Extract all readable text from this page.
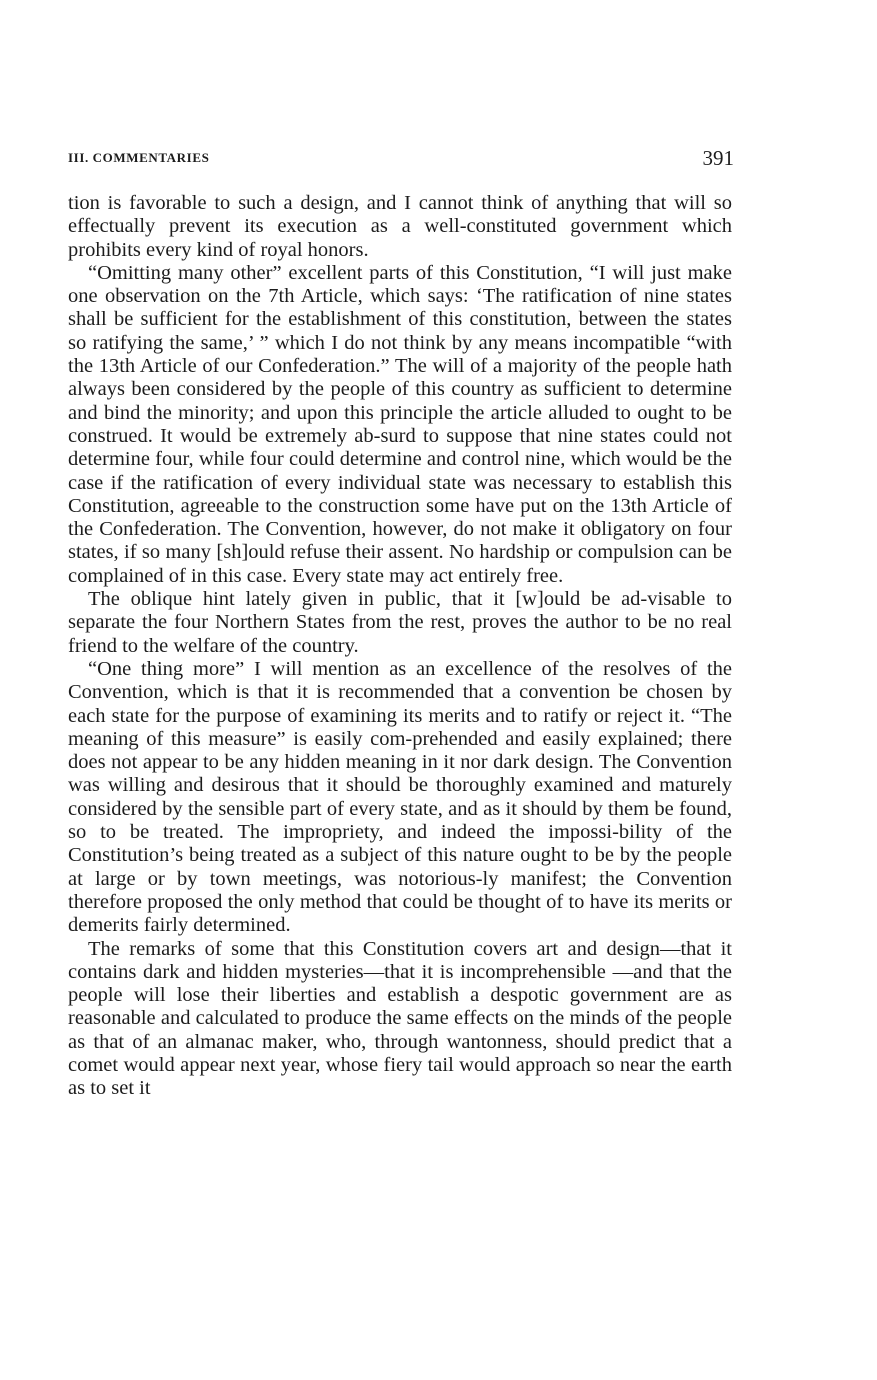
III. COMMENTARIES	391

tion is favorable to such a design, and I cannot think of anything that will so effectually prevent its execution as a well-constituted government which prohibits every kind of royal honors.

“Omitting many other” excellent parts of this Constitution, “I will just make one observation on the 7th Article, which says: ‘The ratification of nine states shall be sufficient for the establishment of this constitution, between the states so ratifying the same,’ ” which I do not think by any means incompatible “with the 13th Article of our Confederation.” The will of a majority of the people hath always been considered by the people of this country as sufficient to determine and bind the minority; and upon this principle the article alluded to ought to be construed. It would be extremely ab-surd to suppose that nine states could not determine four, while four could determine and control nine, which would be the case if the ratification of every individual state was necessary to establish this Constitution, agreeable to the construction some have put on the 13th Article of the Confederation. The Convention, however, do not make it obligatory on four states, if so many [sh]ould refuse their assent. No hardship or compulsion can be complained of in this case. Every state may act entirely free.

The oblique hint lately given in public, that it [w]ould be ad-visable to separate the four Northern States from the rest, proves the author to be no real friend to the welfare of the country.

“One thing more” I will mention as an excellence of the resolves of the Convention, which is that it is recommended that a convention be chosen by each state for the purpose of examining its merits and to ratify or reject it. “The meaning of this measure” is easily com-prehended and easily explained; there does not appear to be any hidden meaning in it nor dark design. The Convention was willing and desirous that it should be thoroughly examined and maturely considered by the sensible part of every state, and as it should by them be found, so to be treated. The impropriety, and indeed the impossi-bility of the Constitution’s being treated as a subject of this nature ought to be by the people at large or by town meetings, was notorious-ly manifest; the Convention therefore proposed the only method that could be thought of to have its merits or demerits fairly determined.

The remarks of some that this Constitution covers art and design—that it contains dark and hidden mysteries—that it is incomprehensible —and that the people will lose their liberties and establish a despotic government are as reasonable and calculated to produce the same effects on the minds of the people as that of an almanac maker, who, through wantonness, should predict that a comet would appear next year, whose fiery tail would approach so near the earth as to set it
